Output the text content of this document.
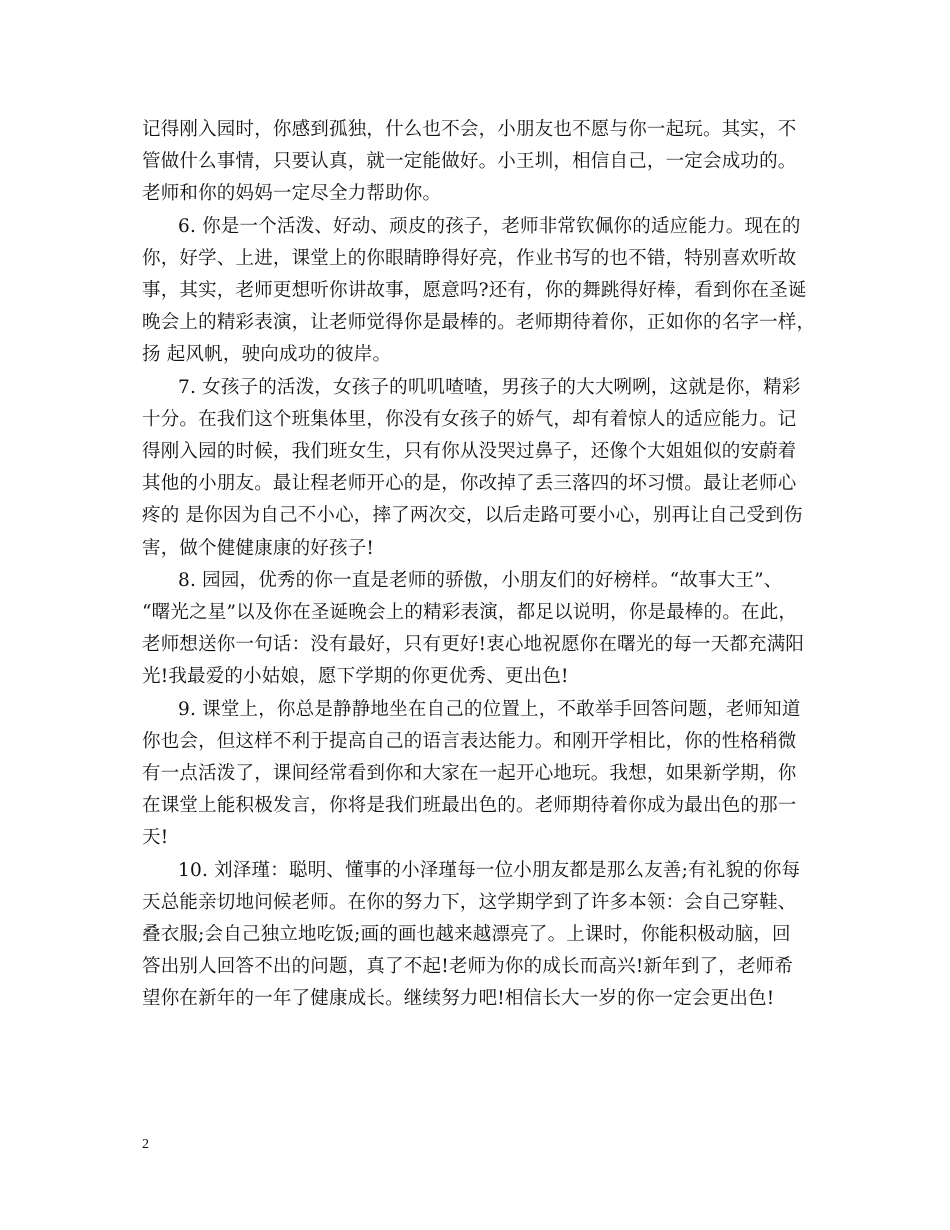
记得刚入园时，你感到孤独，什么也不会，小朋友也不愿与你一起玩。其实，不

管做什么事情，只要认真，就一定能做好。小王圳，相信自己，一定会成功的。

老师和你的妈妈一定尽全力帮助你。

6. 你是一个活泼、好动、顽皮的孩子，老师非常钦佩你的适应能力。现在的

你，好学、上进，课堂上的你眼睛睁得好亮，作业书写的也不错，特别喜欢听故

事，其实，老师更想听你讲故事，愿意吗?还有，你的舞跳得好棒，看到你在圣诞

晚会上的精彩表演，让老师觉得你是最棒的。老师期待着你，正如你的名字一样，

扬 起风帆，驶向成功的彼岸。

7. 女孩子的活泼，女孩子的叽叽喳喳，男孩子的大大咧咧，这就是你，精彩

十分。在我们这个班集体里，你没有女孩子的娇气，却有着惊人的适应能力。记

得刚入园的时候，我们班女生，只有你从没哭过鼻子，还像个大姐姐似的安蔚着

其他的小朋友。最让程老师开心的是，你改掉了丢三落四的坏习惯。最让老师心

疼的 是你因为自己不小心，摔了两次交，以后走路可要小心，别再让自己受到伤

害，做个健健康康的好孩子!

8. 园园，优秀的你一直是老师的骄傲，小朋友们的好榜样。“故事大王”、

“曙光之星”以及你在圣诞晚会上的精彩表演，都足以说明，你是最棒的。在此，

老师想送你一句话：没有最好，只有更好!衷心地祝愿你在曙光的每一天都充满阳

光!我最爱的小姑娘，愿下学期的你更优秀、更出色!

9. 课堂上，你总是静静地坐在自己的位置上，不敢举手回答问题，老师知道

你也会，但这样不利于提高自己的语言表达能力。和刚开学相比，你的性格稍微

有一点活泼了，课间经常看到你和大家在一起开心地玩。我想，如果新学期，你

在课堂上能积极发言，你将是我们班最出色的。老师期待着你成为最出色的那一

天!

10. 刘泽瑾：聪明、懂事的小泽瑾每一位小朋友都是那么友善;有礼貌的你每

天总能亲切地问候老师。在你的努力下，这学期学到了许多本领：会自己穿鞋、

叠衣服;会自己独立地吃饭;画的画也越来越漂亮了。上课时，你能积极动脑，回

答出别人回答不出的问题，真了不起!老师为你的成长而高兴!新年到了，老师希

望你在新年的一年了健康成长。继续努力吧!相信长大一岁的你一定会更出色!

2
